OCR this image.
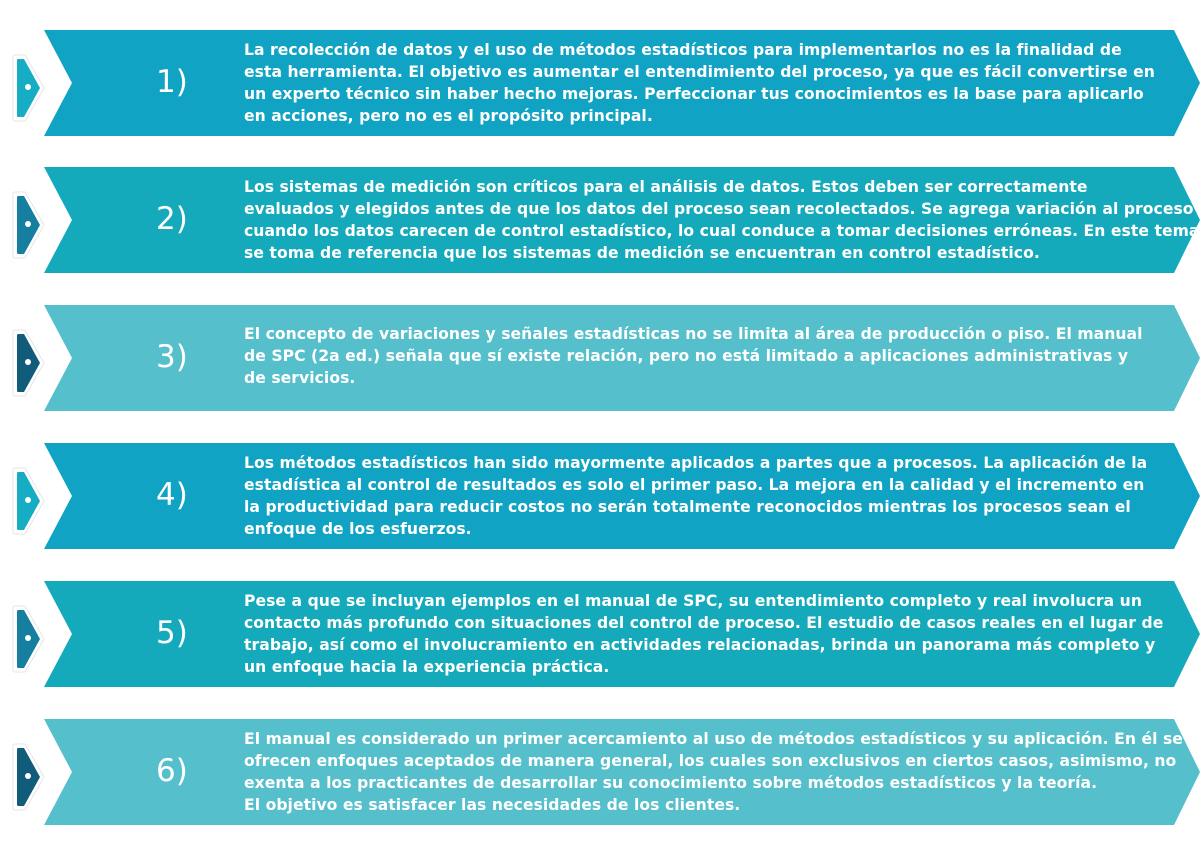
1)
La recolección de datos y el uso de métodos estadísticos para implementarlos no es la finalidad de
esta herramienta. El objetivo es aumentar el entendimiento del proceso, ya que es fácil convertirse en
un experto técnico sin haber hecho mejoras. Perfeccionar tus conocimientos es la base para aplicarlo
en acciones, pero no es el propósito principal.
2)
Los sistemas de medición son críticos para el análisis de datos. Estos deben ser correctamente
evaluados y elegidos antes de que los datos del proceso sean recolectados. Se agrega variación al proceso
cuando los datos carecen de control estadístico, lo cual conduce a tomar decisiones erróneas. En este tema
se toma de referencia que los sistemas de medición se encuentran en control estadístico.
3)
El concepto de variaciones y señales estadísticas no se limita al área de producción o piso. El manual
de SPC (2a ed.) señala que sí existe relación, pero no está limitado a aplicaciones administrativas y
de servicios.
4)
Los métodos estadísticos han sido mayormente aplicados a partes que a procesos. La aplicación de la
estadística al control de resultados es solo el primer paso. La mejora en la calidad y el incremento en
la productividad para reducir costos no serán totalmente reconocidos mientras los procesos sean el
enfoque de los esfuerzos.
5)
Pese a que se incluyan ejemplos en el manual de SPC, su entendimiento completo y real involucra un
contacto más profundo con situaciones del control de proceso. El estudio de casos reales en el lugar de
trabajo, así como el involucramiento en actividades relacionadas, brinda un panorama más completo y
un enfoque hacia la experiencia práctica.
6)
El manual es considerado un primer acercamiento al uso de métodos estadísticos y su aplicación. En él se
ofrecen enfoques aceptados de manera general, los cuales son exclusivos en ciertos casos, asimismo, no
exenta a los practicantes de desarrollar su conocimiento sobre métodos estadísticos y la teoría.
El objetivo es satisfacer las necesidades de los clientes.
